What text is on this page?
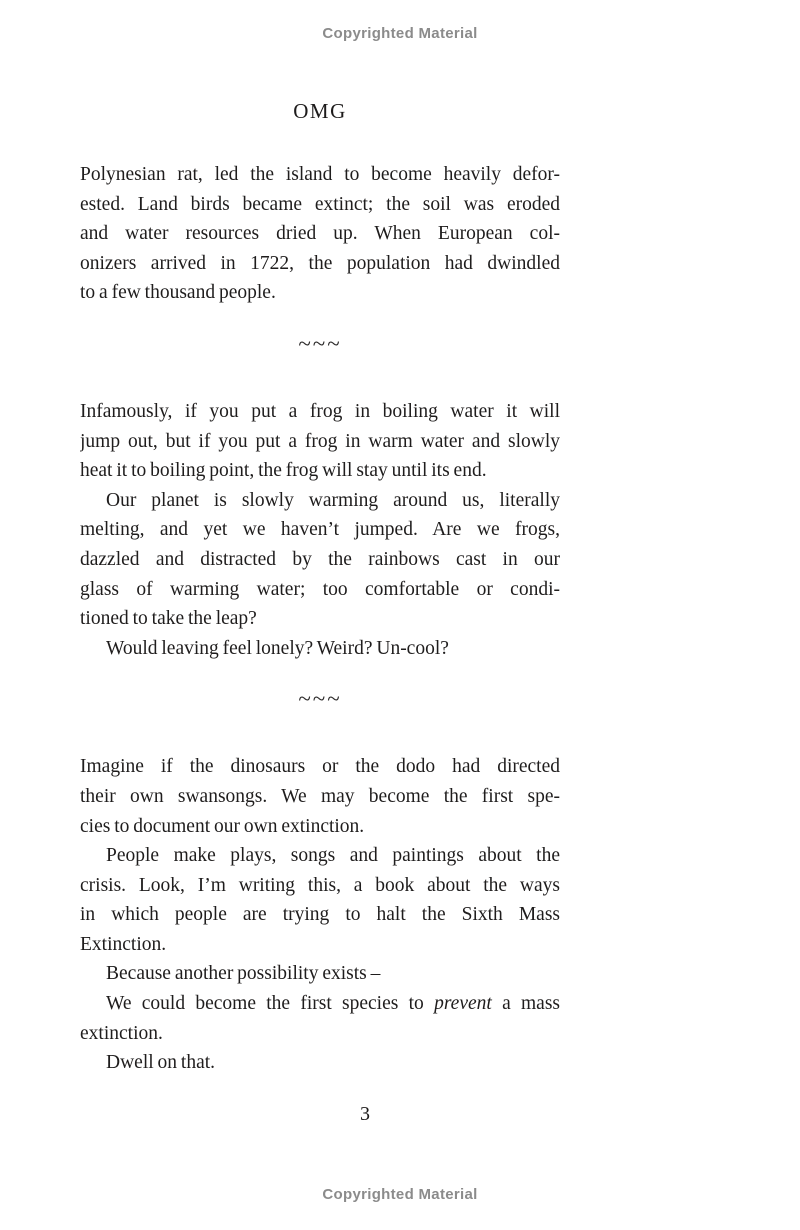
Copyrighted Material
OMG
Polynesian rat, led the island to become heavily defor-
ested. Land birds became extinct; the soil was eroded
and water resources dried up. When European col-
onizers arrived in 1722, the population had dwindled
to a few thousand people.
~~~
Infamously, if you put a frog in boiling water it will
jump out, but if you put a frog in warm water and slowly
heat it to boiling point, the frog will stay until its end.
Our planet is slowly warming around us, literally
melting, and yet we haven’t jumped. Are we frogs,
dazzled and distracted by the rainbows cast in our
glass of warming water; too comfortable or condi-
tioned to take the leap?
Would leaving feel lonely? Weird? Un-cool?
~~~
Imagine if the dinosaurs or the dodo had directed
their own swansongs. We may become the first spe-
cies to document our own extinction.
People make plays, songs and paintings about the
crisis. Look, I’m writing this, a book about the ways
in which people are trying to halt the Sixth Mass
Extinction.
Because another possibility exists –
We could become the first species to prevent a mass
extinction.
Dwell on that.
3
Copyrighted Material
